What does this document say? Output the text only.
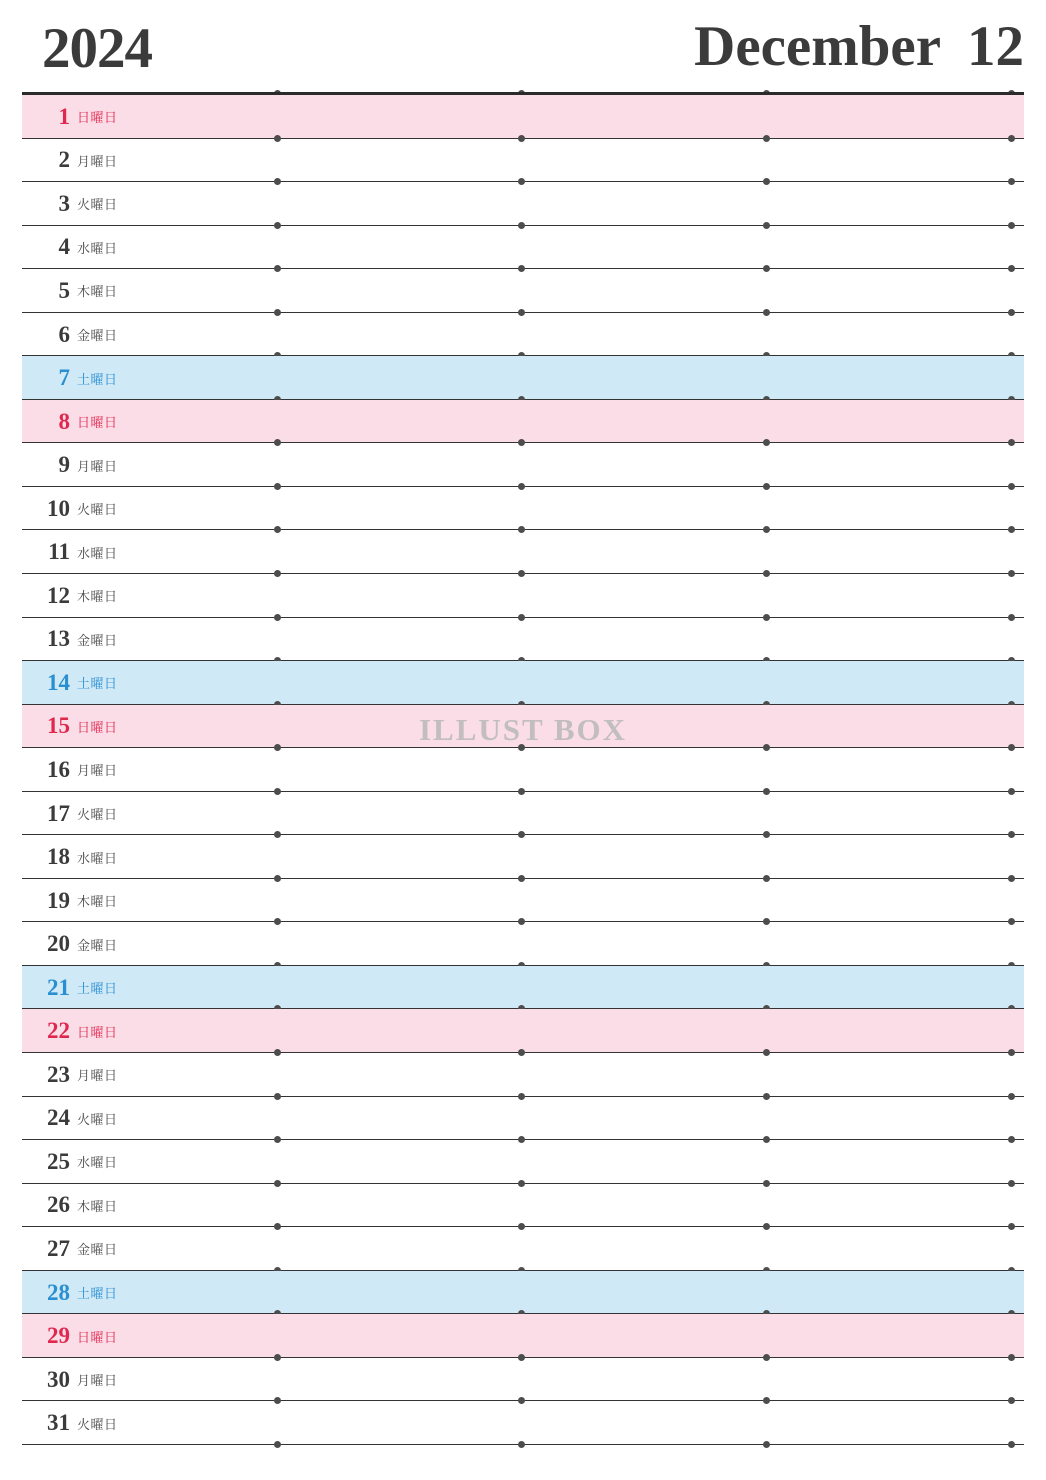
2024	December 12
1 日曜日
2 月曜日
3 火曜日
4 水曜日
5 木曜日
6 金曜日
7 土曜日
8 日曜日
9 月曜日
10 火曜日
11 水曜日
12 木曜日
13 金曜日
14 土曜日
15 日曜日
16 月曜日
17 火曜日
18 水曜日
19 木曜日
20 金曜日
21 土曜日
22 日曜日
23 月曜日
24 火曜日
25 水曜日
26 木曜日
27 金曜日
28 土曜日
29 日曜日
30 月曜日
31 火曜日
ILLUST BOX
